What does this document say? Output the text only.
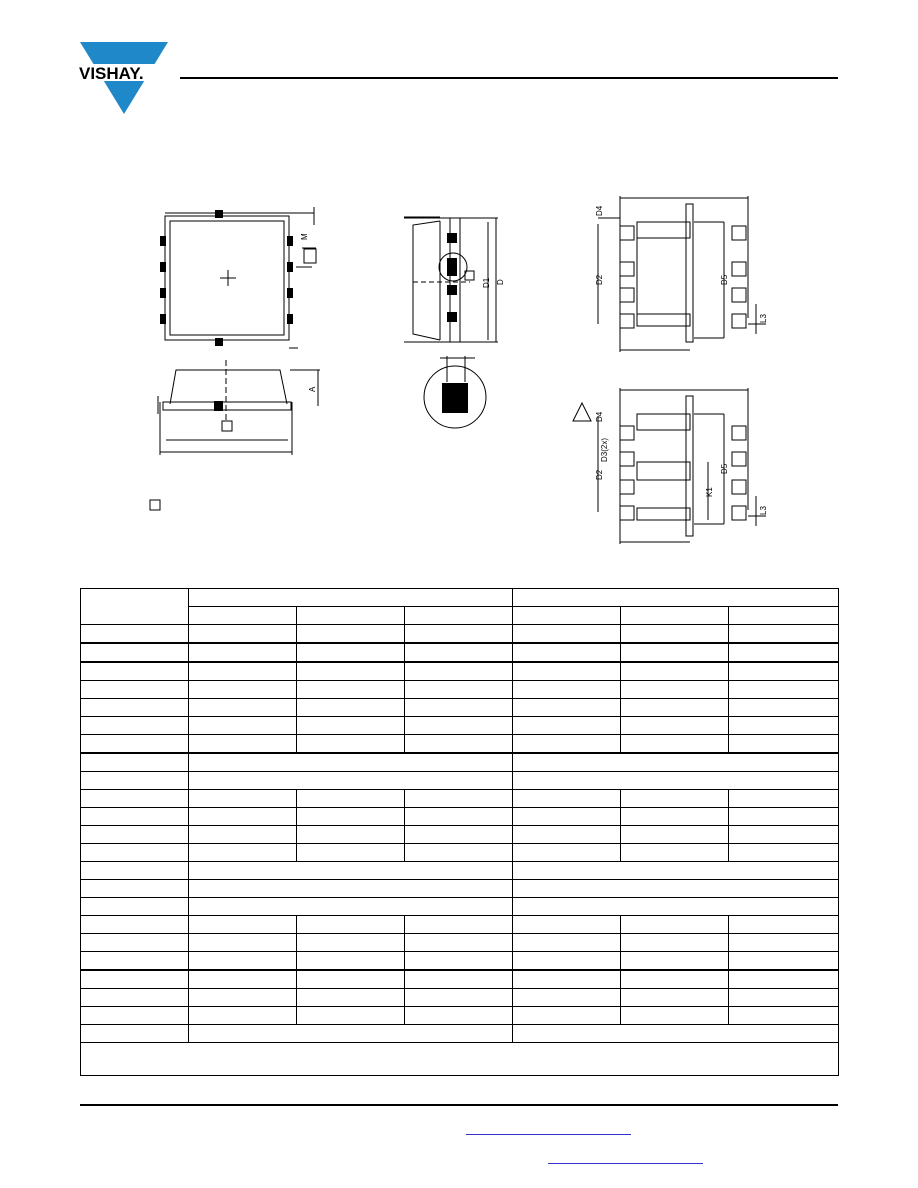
VISHAY.
M
A
D1 D
D4
D2	D5
L3
D4
D3(2x)
D2
D5
K1
L3
